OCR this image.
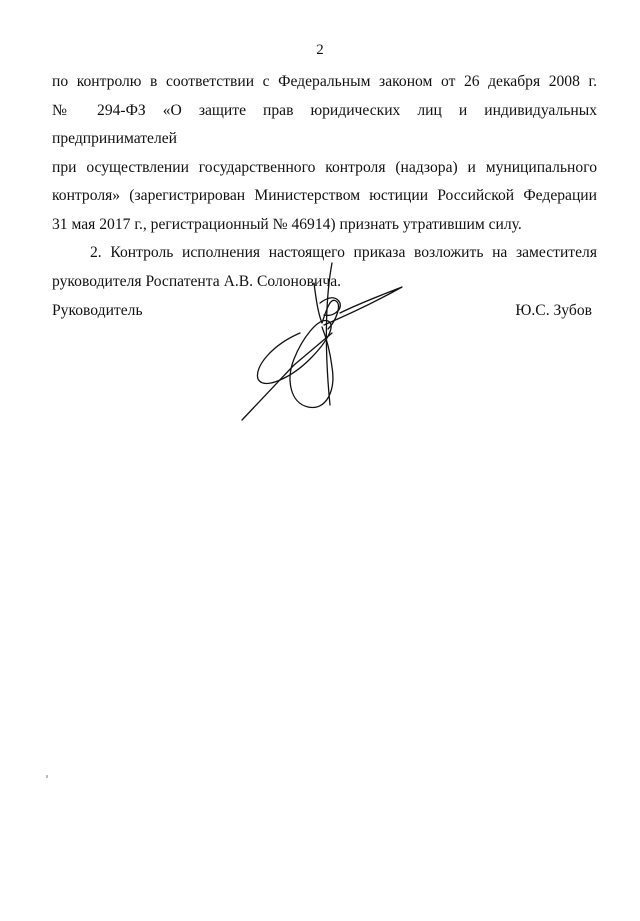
2
по контролю в соответствии с Федеральным законом от 26 декабря 2008 г.
№ 294-ФЗ «О защите прав юридических лиц и индивидуальных предпринимателей
при осуществлении государственного контроля (надзора) и муниципального
контроля» (зарегистрирован Министерством юстиции Российской Федерации
31 мая 2017 г., регистрационный № 46914) признать утратившим силу.
2. Контроль исполнения настоящего приказа возложить на заместителя
руководителя Роспатента А.В. Солоновича.
Руководитель	Ю.С. Зубов
